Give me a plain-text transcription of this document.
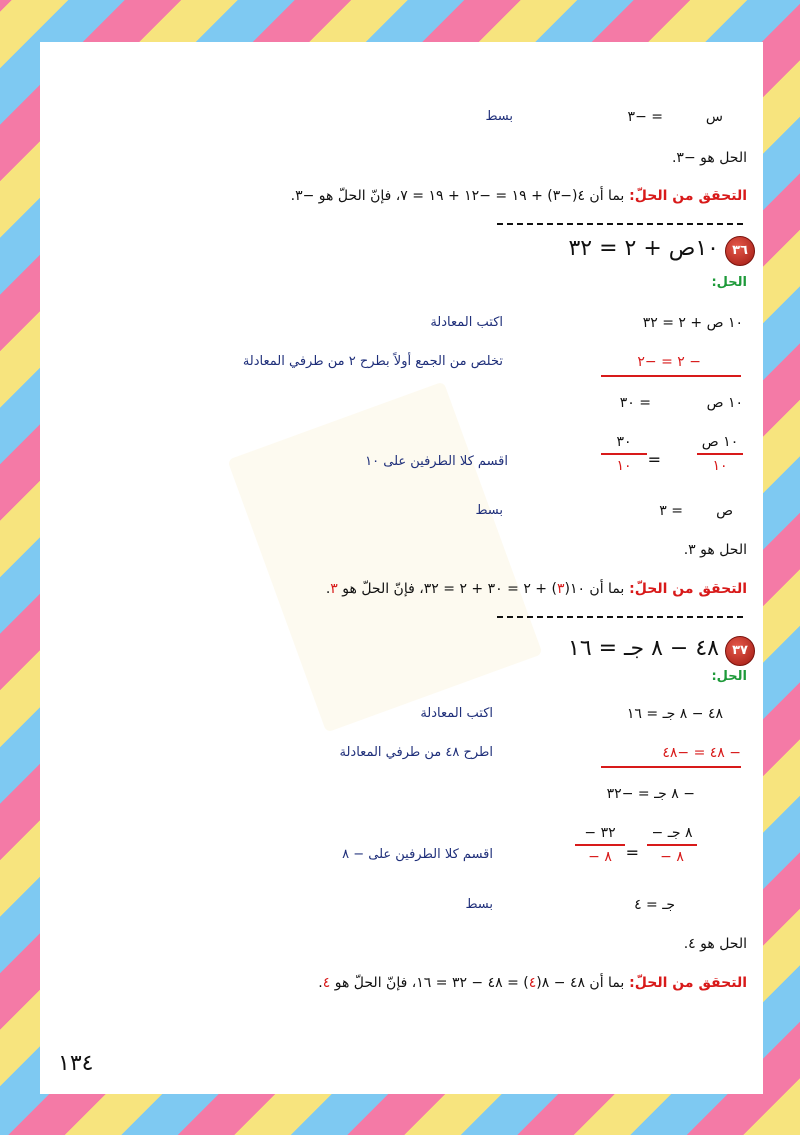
س
= −٣
بسط
الحل هو −٣.
التحقق من الحلّ: بما أن ٤(−٣) + ١٩ = −١٢ + ١٩ = ٧، فإنّ الحلّ هو −٣.
٣٦
١٠ص + ٢ = ٣٢
الحل:
١٠ ص + ٢ = ٣٢
اكتب المعادلة
− ٢ = −٢
تخلص من الجمع أولاً بطرح ٢ من طرفي المعادلة
١٠ ص
= ٣٠
١٠ ص
١٠
=
٣٠
١٠
اقسم كلا الطرفين على ١٠
ص
= ٣
بسط
الحل هو ٣.
التحقق من الحلّ: بما أن ١٠(٣) + ٢ = ٣٠ + ٢ = ٣٢، فإنّ الحلّ هو ٣.
٣٧
٤٨ − ٨ جـ = ١٦
الحل:
٤٨ − ٨ جـ = ١٦
اكتب المعادلة
− ٤٨ = −٤٨
اطرح ٤٨ من طرفي المعادلة
− ٨ جـ = −٣٢
− ٨ جـ
− ٨
=
− ٣٢
− ٨
اقسم كلا الطرفين على − ٨
جـ = ٤
بسط
الحل هو ٤.
التحقق من الحلّ: بما أن ٤٨ − ٨(٤) = ٤٨ − ٣٢ = ١٦، فإنّ الحلّ هو ٤.
١٣٤
